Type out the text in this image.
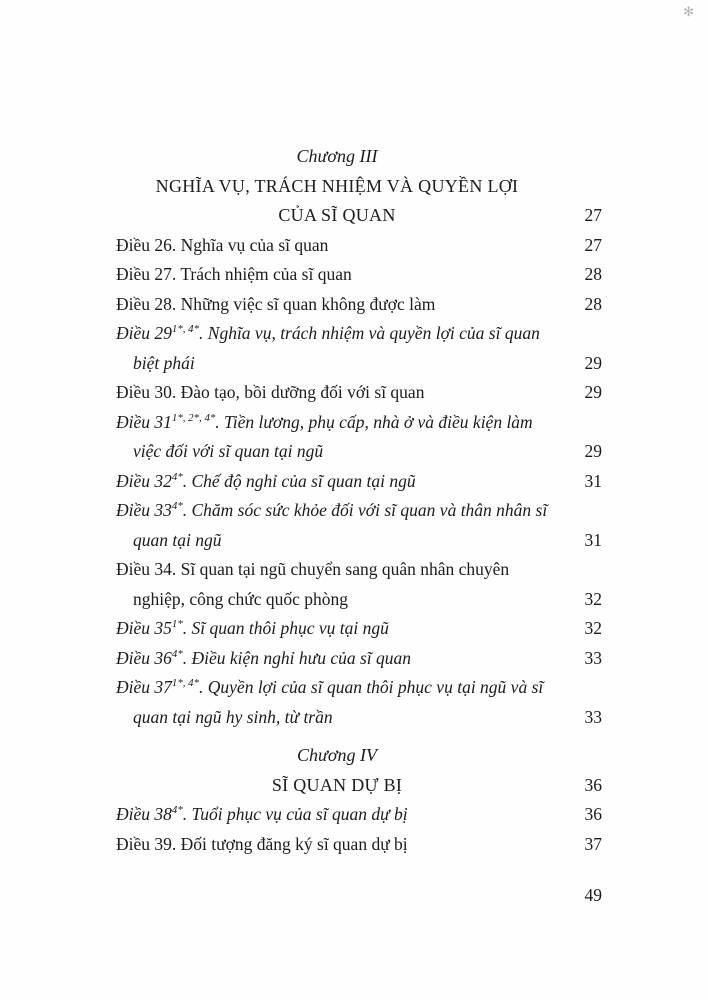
✻
Chương III
NGHĨA VỤ, TRÁCH NHIỆM VÀ QUYỀN LỢI
CỦA SĨ QUAN	27
Điều 26. Nghĩa vụ của sĩ quan	27
Điều 27. Trách nhiệm của sĩ quan	28
Điều 28. Những việc sĩ quan không được làm	28
Điều $29^{1*, 4*}$. Nghĩa vụ, trách nhiệm và quyền lợi của sĩ quan biệt phái	29
Điều 30. Đào tạo, bồi dưỡng đối với sĩ quan	29
Điều $31^{1*, 2*, 4*}$. Tiền lương, phụ cấp, nhà ở và điều kiện làm việc đối với sĩ quan tại ngũ	29
Điều $32^{4*}$. Chế độ nghỉ của sĩ quan tại ngũ	31
Điều $33^{4*}$. Chăm sóc sức khỏe đối với sĩ quan và thân nhân sĩ quan tại ngũ	31
Điều 34. Sĩ quan tại ngũ chuyển sang quân nhân chuyên nghiệp, công chức quốc phòng	32
Điều $35^{1*}$. Sĩ quan thôi phục vụ tại ngũ	32
Điều $36^{4*}$. Điều kiện nghỉ hưu của sĩ quan	33
Điều $37^{1*, 4*}$. Quyền lợi của sĩ quan thôi phục vụ tại ngũ và sĩ quan tại ngũ hy sinh, từ trần	33
Chương IV
SĨ QUAN DỰ BỊ	36
Điều $38^{4*}$. Tuổi phục vụ của sĩ quan dự bị	36
Điều 39. Đối tượng đăng ký sĩ quan dự bị	37
49
